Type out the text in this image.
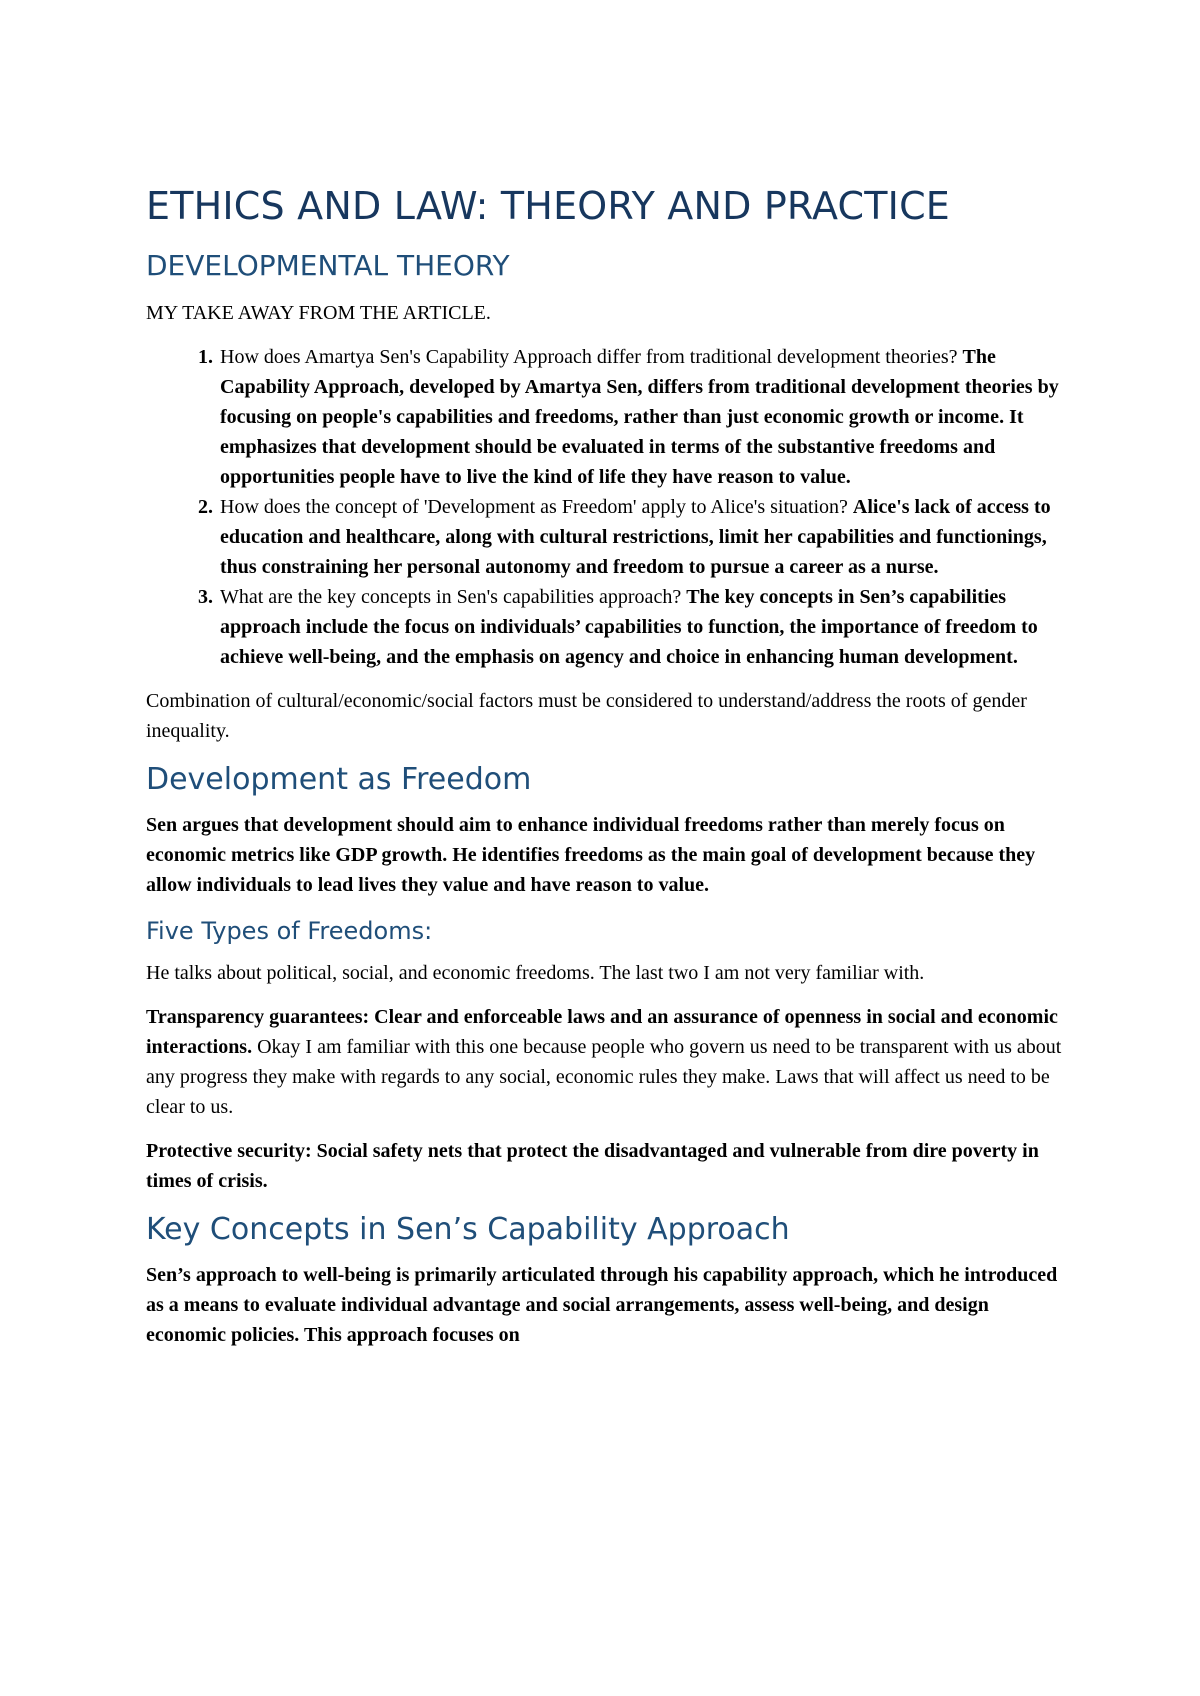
ETHICS AND LAW: THEORY AND PRACTICE
DEVELOPMENTAL THEORY

MY TAKE AWAY FROM THE ARTICLE.

1. How does Amartya Sen's Capability Approach differ from traditional development theories? The Capability Approach, developed by Amartya Sen, differs from traditional development theories by focusing on people's capabilities and freedoms, rather than just economic growth or income. It emphasizes that development should be evaluated in terms of the substantive freedoms and opportunities people have to live the kind of life they have reason to value.
2. How does the concept of 'Development as Freedom' apply to Alice's situation? Alice's lack of access to education and healthcare, along with cultural restrictions, limit her capabilities and functionings, thus constraining her personal autonomy and freedom to pursue a career as a nurse.
3. What are the key concepts in Sen's capabilities approach? The key concepts in Sen’s capabilities approach include the focus on individuals’ capabilities to function, the importance of freedom to achieve well-being, and the emphasis on agency and choice in enhancing human development.

Combination of cultural/economic/social factors must be considered to understand/address the roots of gender inequality.

Development as Freedom

Sen argues that development should aim to enhance individual freedoms rather than merely focus on economic metrics like GDP growth. He identifies freedoms as the main goal of development because they allow individuals to lead lives they value and have reason to value.

Five Types of Freedoms:

He talks about political, social, and economic freedoms. The last two I am not very familiar with.

Transparency guarantees: Clear and enforceable laws and an assurance of openness in social and economic interactions. Okay I am familiar with this one because people who govern us need to be transparent with us about any progress they make with regards to any social, economic rules they make. Laws that will affect us need to be clear to us.

Protective security: Social safety nets that protect the disadvantaged and vulnerable from dire poverty in times of crisis.

Key Concepts in Sen’s Capability Approach

Sen’s approach to well-being is primarily articulated through his capability approach, which he introduced as a means to evaluate individual advantage and social arrangements, assess well-being, and design economic policies. This approach focuses on
